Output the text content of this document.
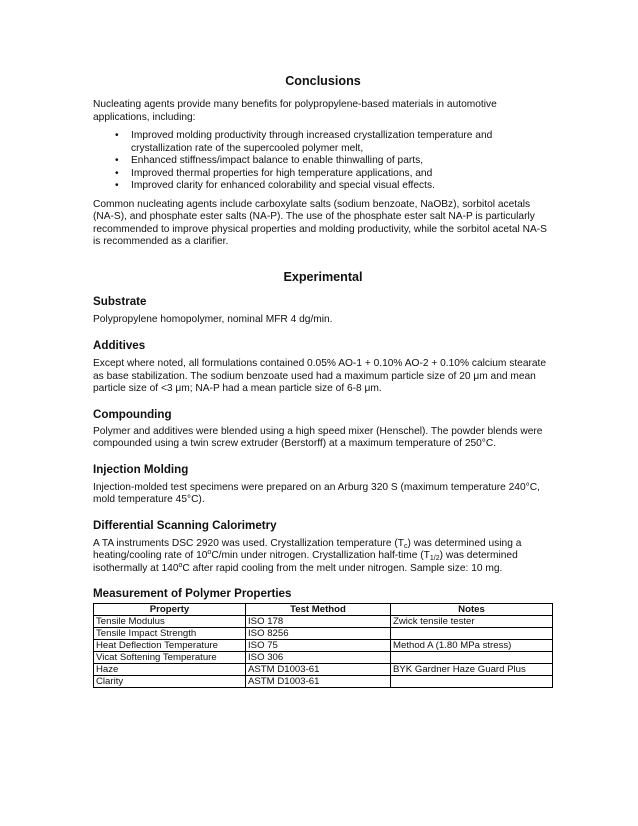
Conclusions

Nucleating agents provide many benefits for polypropylene-based materials in automotive applications, including:

• Improved molding productivity through increased crystallization temperature and crystallization rate of the supercooled polymer melt,
• Enhanced stiffness/impact balance to enable thinwalling of parts,
• Improved thermal properties for high temperature applications, and
• Improved clarity for enhanced colorability and special visual effects.

Common nucleating agents include carboxylate salts (sodium benzoate, NaOBz), sorbitol acetals (NA-S), and phosphate ester salts (NA-P). The use of the phosphate ester salt NA-P is particularly recommended to improve physical properties and molding productivity, while the sorbitol acetal NA-S is recommended as a clarifier.

Experimental
Substrate

Polypropylene homopolymer, nominal MFR 4 dg/min.

Additives

Except where noted, all formulations contained 0.05% AO-1 + 0.10% AO-2 + 0.10% calcium stearate as base stabilization. The sodium benzoate used had a maximum particle size of 20 μm and mean particle size of <3 μm; NA-P had a mean particle size of 6-8 μm.

Compounding

Polymer and additives were blended using a high speed mixer (Henschel). The powder blends were compounded using a twin screw extruder (Berstorff) at a maximum temperature of 250°C.

Injection Molding

Injection-molded test specimens were prepared on an Arburg 320 S (maximum temperature 240°C, mold temperature 45°C).

Differential Scanning Calorimetry

A TA instruments DSC 2920 was used. Crystallization temperature $(T_c)$ was determined using a heating/cooling rate of 10$^o$C/min under nitrogen. Crystallization half-time $(T_{1/2})$ was determined isothermally at 140$^o$C after rapid cooling from the melt under nitrogen. Sample size: 10 mg.

Measurement of Polymer Properties
Property	Test Method	Notes
Tensile Modulus	ISO 178	Zwick tensile tester
Tensile Impact Strength	ISO 8256	
Heat Deflection Temperature	ISO 75	Method A (1.80 MPa stress)
Vicat Softening Temperature	ISO 306	
Haze	ASTM D1003-61	BYK Gardner Haze Guard Plus
Clarity	ASTM D1003-61	
